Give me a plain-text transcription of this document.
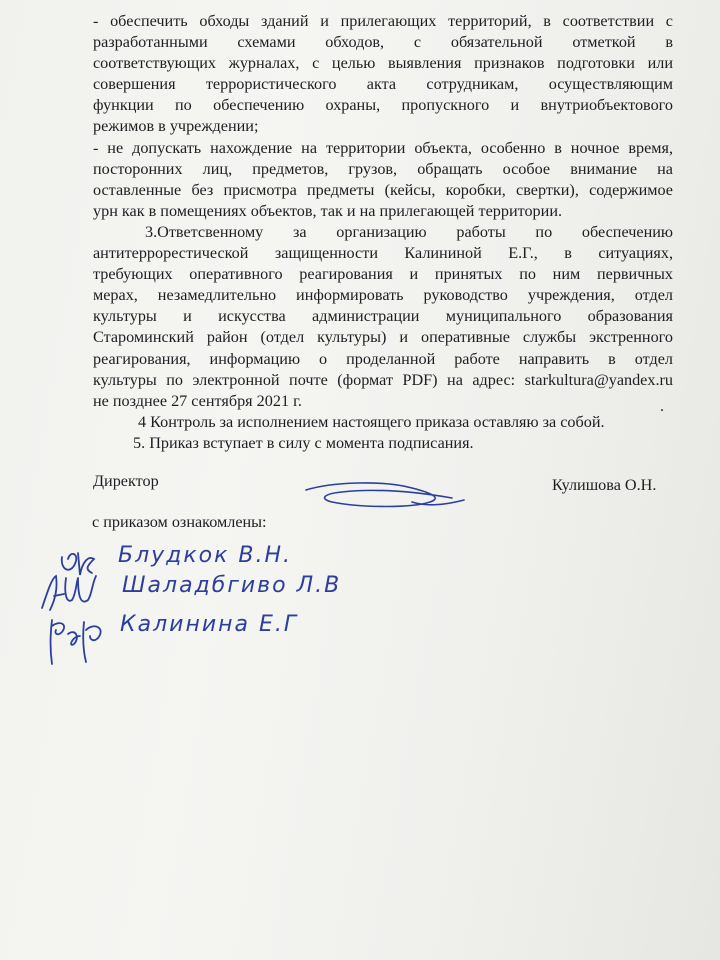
- обеспечить обходы зданий и прилегающих территорий, в соответствии с

разработанными схемами обходов, с обязательной отметкой в

соответствующих журналах, с целью выявления признаков подготовки или

совершения террористического акта сотрудникам, осуществляющим

функции по обеспечению охраны, пропускного и внутриобъектового

режимов в учреждении;

- не допускать нахождение на территории объекта, особенно в ночное время,

посторонних лиц, предметов, грузов, обращать особое внимание на

оставленные без присмотра предметы (кейсы, коробки, свертки), содержимое

урн как в помещениях объектов, так и на прилегающей территории.

3.Ответсвенному за организацию работы по обеспечению

антитеррорестической защищенности Калининой Е.Г., в ситуациях,

требующих оперативного реагирования и принятых по ним первичных

мерах, незамедлительно информировать руководство учреждения, отдел

культуры и искусства администрации муниципального образования

Староминский район (отдел культуры) и оперативные службы экстренного

реагирования, информацию о проделанной работе направить в отдел

культуры по электронной почте (формат PDF) на адрес: starkultura@yandex.ru

не позднее 27 сентября 2021 г.

4 Контроль за исполнением настоящего приказа оставляю за собой.

5. Приказ вступает в силу с момента подписания.

.
Директор	Кулишова О.Н.
с приказом ознакомлены:
Блудкок В.Н.
Шаладбгиво Л.В
Калинина Е.Г
